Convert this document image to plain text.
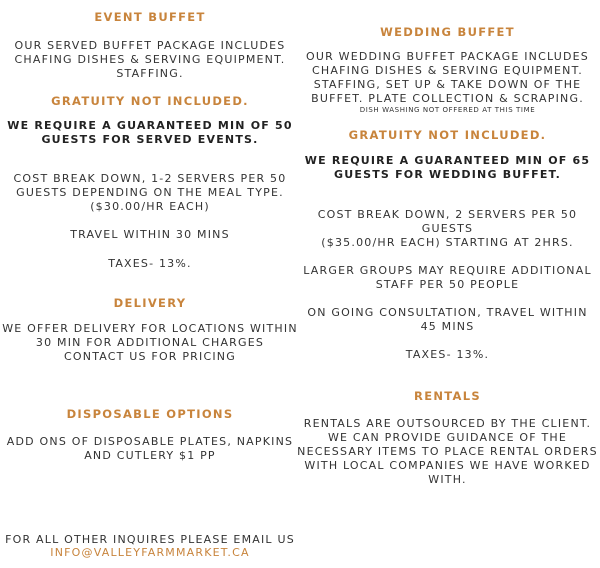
EVENT BUFFET
OUR SERVED BUFFET PACKAGE INCLUDES
CHAFING DISHES & SERVING EQUIPMENT.
STAFFING.
GRATUITY NOT INCLUDED.
WE REQUIRE A GUARANTEED MIN OF 50
GUESTS FOR SERVED EVENTS.
COST BREAK DOWN, 1-2 SERVERS PER 50
GUESTS DEPENDING ON THE MEAL TYPE.
($30.00/HR EACH)
TRAVEL WITHIN 30 MINS
TAXES- 13%.
DELIVERY
WE OFFER DELIVERY FOR LOCATIONS WITHIN
30 MIN FOR ADDITIONAL CHARGES
CONTACT US FOR PRICING
DISPOSABLE OPTIONS
ADD ONS OF DISPOSABLE PLATES, NAPKINS
AND CUTLERY $1 PP
FOR ALL OTHER INQUIRES PLEASE EMAIL US
INFO@VALLEYFARMMARKET.CA
WEDDING BUFFET
OUR WEDDING BUFFET PACKAGE INCLUDES
CHAFING DISHES & SERVING EQUIPMENT.
STAFFING, SET UP & TAKE DOWN OF THE
BUFFET. PLATE COLLECTION & SCRAPING.
DISH WASHING NOT OFFERED AT THIS TIME
GRATUITY NOT INCLUDED.
WE REQUIRE A GUARANTEED MIN OF 65
GUESTS FOR WEDDING BUFFET.
COST BREAK DOWN, 2 SERVERS PER 50
GUESTS
($35.00/HR EACH) STARTING AT 2HRS.
LARGER GROUPS MAY REQUIRE ADDITIONAL
STAFF PER 50 PEOPLE
ON GOING CONSULTATION, TRAVEL WITHIN
45 MINS
TAXES- 13%.
RENTALS
RENTALS ARE OUTSOURCED BY THE CLIENT.
WE CAN PROVIDE GUIDANCE OF THE
NECESSARY ITEMS TO PLACE RENTAL ORDERS
WITH LOCAL COMPANIES WE HAVE WORKED
WITH.
